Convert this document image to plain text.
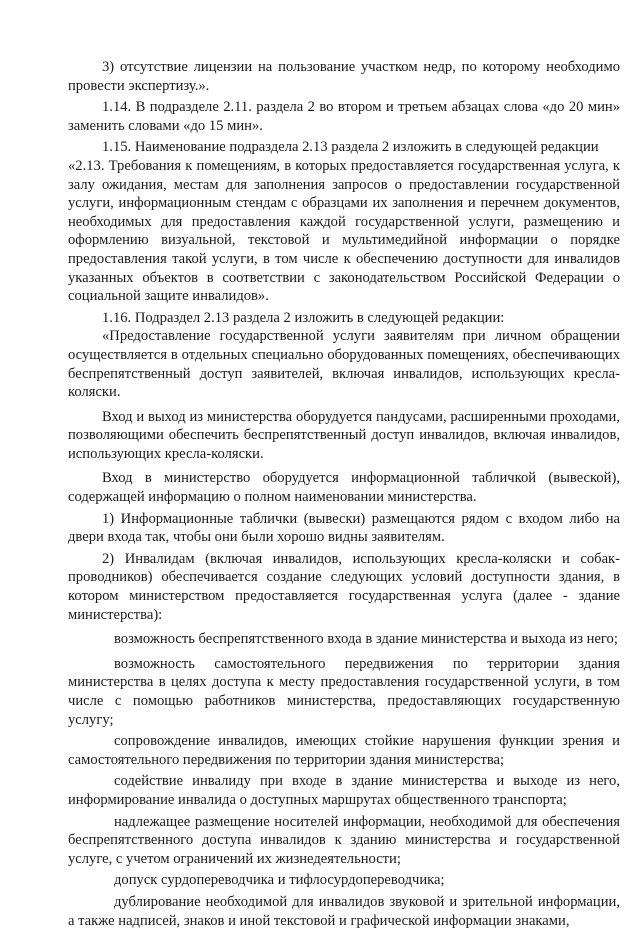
3) отсутствие лицензии на пользование участком недр, по которому необходимо провести экспертизу.».

1.14. В подразделе 2.11. раздела 2 во втором и третьем абзацах слова «до 20 мин» заменить словами «до 15 мин».

1.15. Наименование подраздела 2.13 раздела 2 изложить в следующей редакции

«2.13. Требования к помещениям, в которых предоставляется государственная услуга, к залу ожидания, местам для заполнения запросов о предоставлении государственной услуги, информационным стендам с образцами их заполнения и перечнем документов, необходимых для предоставления каждой государственной услуги, размещению и оформлению визуальной, текстовой и мультимедийной информации о порядке предоставления такой услуги, в том числе к обеспечению доступности для инвалидов указанных объектов в соответствии с законодательством Российской Федерации о социальной защите инвалидов».

1.16. Подраздел 2.13 раздела 2 изложить в следующей редакции:

«Предоставление государственной услуги заявителям при личном обращении осуществляется в отдельных специально оборудованных помещениях, обеспечивающих беспрепятственный доступ заявителей, включая инвалидов, использующих кресла-коляски.

Вход и выход из министерства оборудуется пандусами, расширенными проходами, позволяющими обеспечить беспрепятственный доступ инвалидов, включая инвалидов, использующих кресла-коляски.

Вход в министерство оборудуется информационной табличкой (вывеской), содержащей информацию о полном наименовании министерства.

1) Информационные таблички (вывески) размещаются рядом с входом либо на двери входа так, чтобы они были хорошо видны заявителям.

2) Инвалидам (включая инвалидов, использующих кресла-коляски и собак-проводников) обеспечивается создание следующих условий доступности здания, в котором министерством предоставляется государственная услуга (далее - здание министерства):

возможность беспрепятственного входа в здание министерства и выхода из него;

возможность самостоятельного передвижения по территории здания министерства в целях доступа к месту предоставления государственной услуги, в том числе с помощью работников министерства, предоставляющих государственную услугу;

сопровождение инвалидов, имеющих стойкие нарушения функции зрения и самостоятельного передвижения по территории здания министерства;

содействие инвалиду при входе в здание министерства и выходе из него, информирование инвалида о доступных маршрутах общественного транспорта;

надлежащее размещение носителей информации, необходимой для обеспечения беспрепятственного доступа инвалидов к зданию министерства и государственной услуге, с учетом ограничений их жизнедеятельности;

допуск сурдопереводчика и тифлосурдопереводчика;

дублирование необходимой для инвалидов звуковой и зрительной информации, а также надписей, знаков и иной текстовой и графической информации знаками,
